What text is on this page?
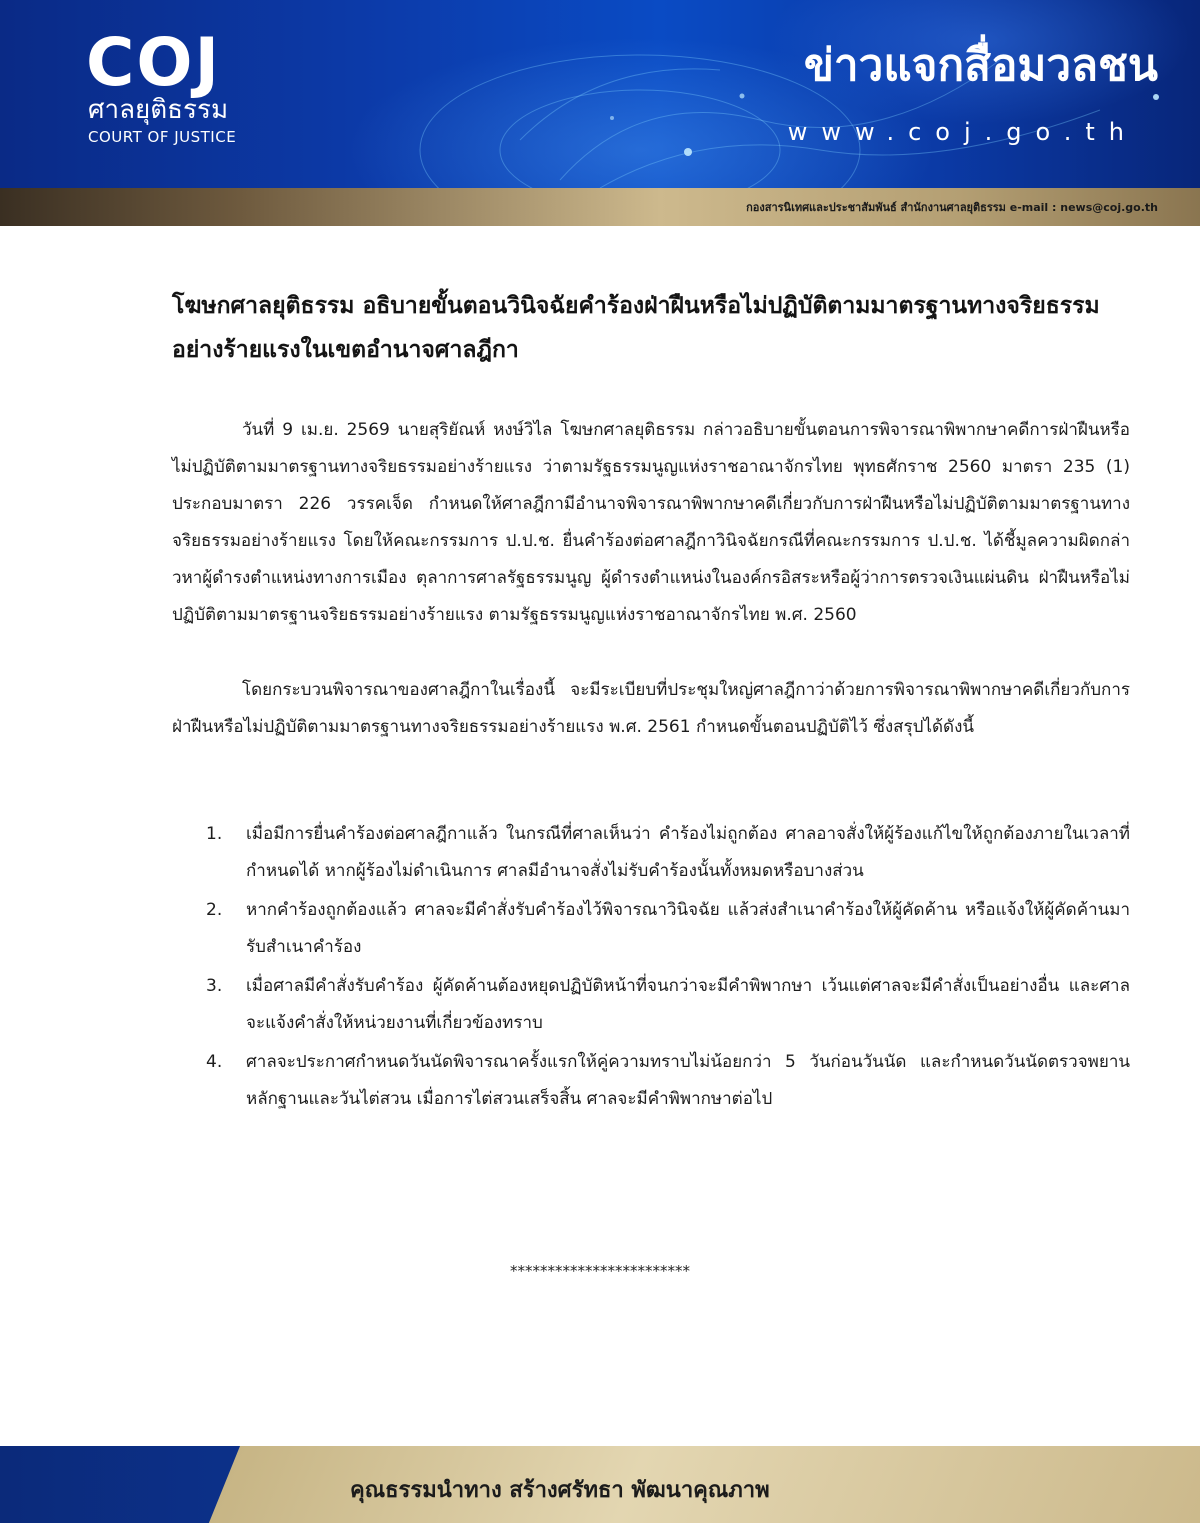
COJ
ศาลยุติธรรม
COURT OF JUSTICE
ข่าวแจกสื่อมวลชน
www.coj.go.th
กองสารนิเทศและประชาสัมพันธ์ สำนักงานศาลยุติธรรม e-mail : news@coj.go.th
โฆษกศาลยุติธรรม อธิบายขั้นตอนวินิจฉัยคำร้องฝ่าฝืนหรือไม่ปฏิบัติตามมาตรฐานทางจริยธรรมอย่างร้ายแรงในเขตอำนาจศาลฎีกา
วันที่ 9 เม.ย. 2569 นายสุริยัณห์ หงษ์วิไล โฆษกศาลยุติธรรม กล่าวอธิบายขั้นตอนการพิจารณาพิพากษาคดีการฝ่าฝืนหรือไม่ปฏิบัติตามมาตรฐานทางจริยธรรมอย่างร้ายแรง ว่าตามรัฐธรรมนูญแห่งราชอาณาจักรไทย พุทธศักราช 2560 มาตรา 235 (1) ประกอบมาตรา 226 วรรคเจ็ด กำหนดให้ศาลฎีกามีอำนาจพิจารณาพิพากษาคดีเกี่ยวกับการฝ่าฝืนหรือไม่ปฏิบัติตามมาตรฐานทางจริยธรรมอย่างร้ายแรง โดยให้คณะกรรมการ ป.ป.ช. ยื่นคำร้องต่อศาลฎีกาวินิจฉัยกรณีที่คณะกรรมการ ป.ป.ช. ได้ชี้มูลความผิดกล่าวหาผู้ดำรงตำแหน่งทางการเมือง ตุลาการศาลรัฐธรรมนูญ ผู้ดำรงตำแหน่งในองค์กรอิสระหรือผู้ว่าการตรวจเงินแผ่นดิน ฝ่าฝืนหรือไม่ปฏิบัติตามมาตรฐานจริยธรรมอย่างร้ายแรง ตามรัฐธรรมนูญแห่งราชอาณาจักรไทย พ.ศ. 2560
โดยกระบวนพิจารณาของศาลฎีกาในเรื่องนี้ จะมีระเบียบที่ประชุมใหญ่ศาลฎีกาว่าด้วยการพิจารณาพิพากษาคดีเกี่ยวกับการฝ่าฝืนหรือไม่ปฏิบัติตามมาตรฐานทางจริยธรรมอย่างร้ายแรง พ.ศ. 2561 กำหนดขั้นตอนปฏิบัติไว้ ซึ่งสรุปได้ดังนี้
1. เมื่อมีการยื่นคำร้องต่อศาลฎีกาแล้ว ในกรณีที่ศาลเห็นว่า คำร้องไม่ถูกต้อง ศาลอาจสั่งให้ผู้ร้องแก้ไขให้ถูกต้องภายในเวลาที่กำหนดได้ หากผู้ร้องไม่ดำเนินการ ศาลมีอำนาจสั่งไม่รับคำร้องนั้นทั้งหมดหรือบางส่วน
2. หากคำร้องถูกต้องแล้ว ศาลจะมีคำสั่งรับคำร้องไว้พิจารณาวินิจฉัย แล้วส่งสำเนาคำร้องให้ผู้คัดค้าน หรือแจ้งให้ผู้คัดค้านมารับสำเนาคำร้อง
3. เมื่อศาลมีคำสั่งรับคำร้อง ผู้คัดค้านต้องหยุดปฏิบัติหน้าที่จนกว่าจะมีคำพิพากษา เว้นแต่ศาลจะมีคำสั่งเป็นอย่างอื่น และศาลจะแจ้งคำสั่งให้หน่วยงานที่เกี่ยวข้องทราบ
4. ศาลจะประกาศกำหนดวันนัดพิจารณาครั้งแรกให้คู่ความทราบไม่น้อยกว่า 5 วันก่อนวันนัด และกำหนดวันนัดตรวจพยานหลักฐานและวันไต่สวน เมื่อการไต่สวนเสร็จสิ้น ศาลจะมีคำพิพากษาต่อไป
************************
คุณธรรมนำทาง สร้างศรัทธา พัฒนาคุณภาพ
